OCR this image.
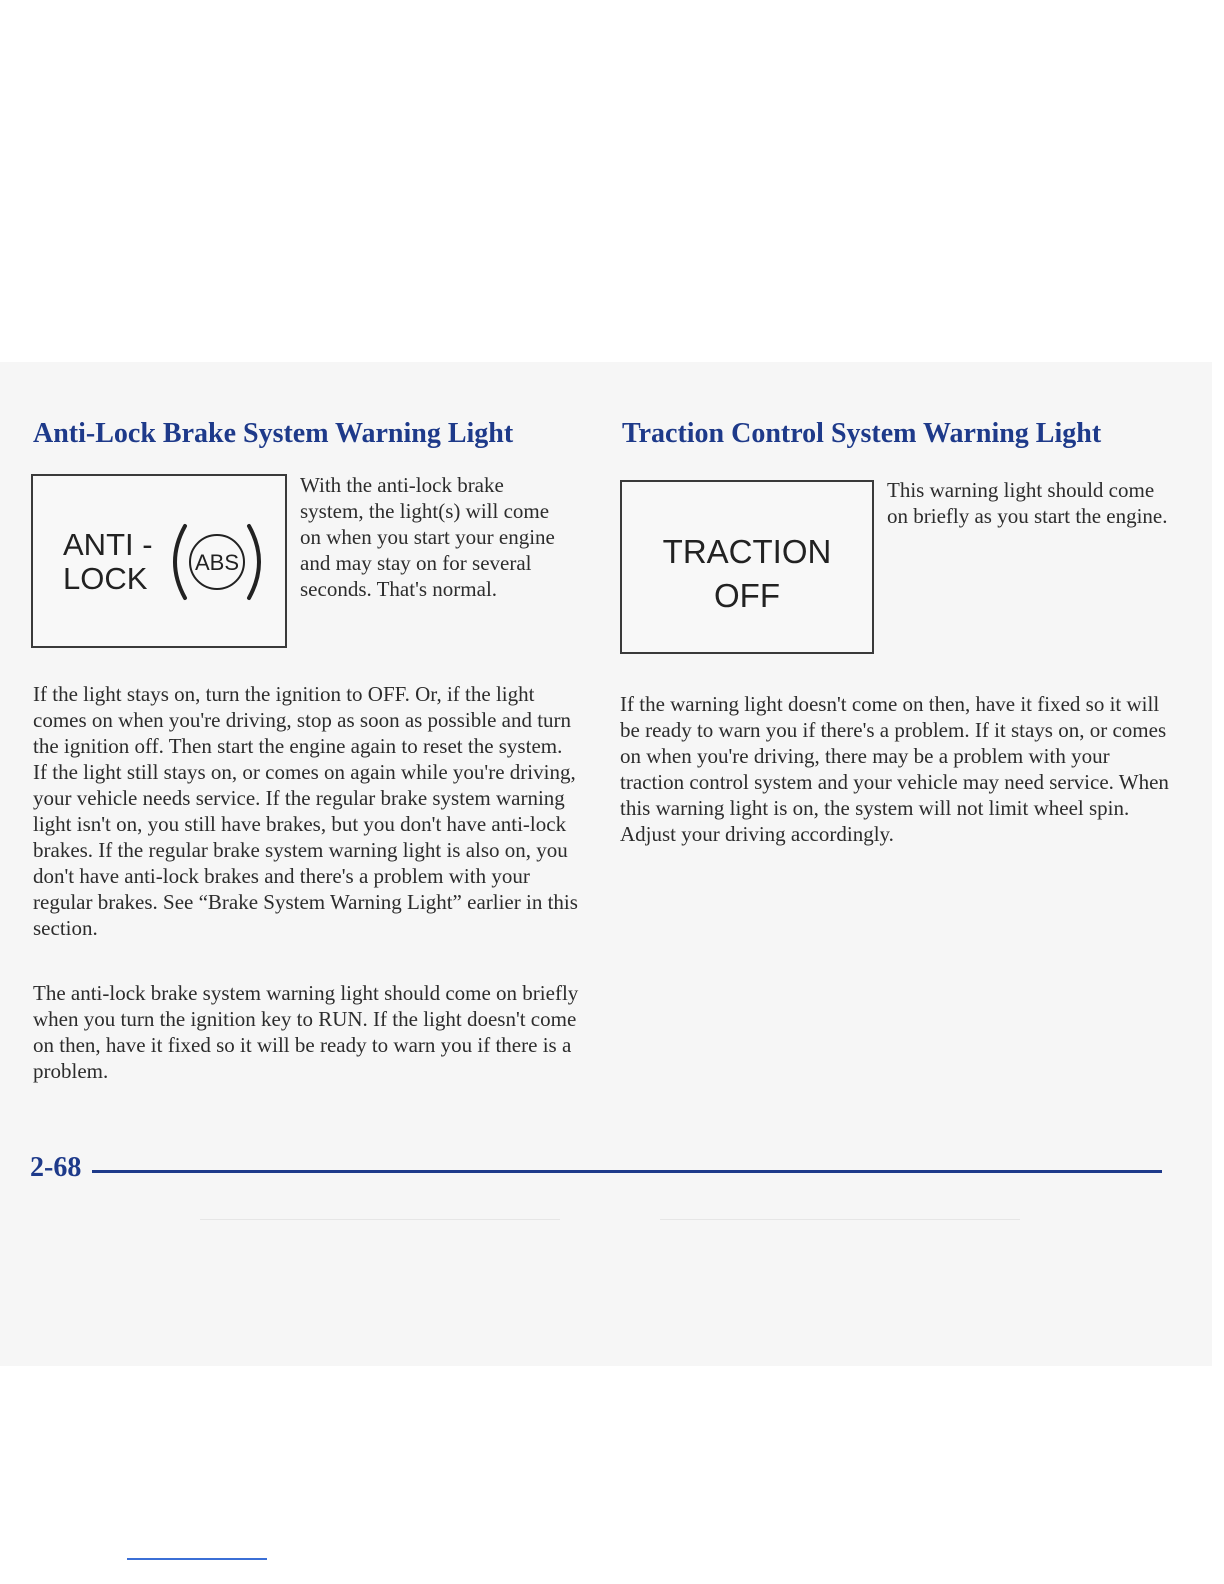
Anti-Lock Brake System Warning Light	Traction Control System Warning Light
ANTI -
LOCK ABS	TRACTION
OFF

With the anti-lock brake system, the light(s) will come on when you start your engine and may stay on for several seconds. That's normal.

This warning light should come on briefly as you start the engine.

If the light stays on, turn the ignition to OFF. Or, if the light comes on when you're driving, stop as soon as possible and turn the ignition off. Then start the engine again to reset the system. If the light still stays on, or comes on again while you're driving, your vehicle needs service. If the regular brake system warning light isn't on, you still have brakes, but you don't have anti-lock brakes. If the regular brake system warning light is also on, you don't have anti-lock brakes and there's a problem with your regular brakes. See “Brake System Warning Light” earlier in this section.

The anti-lock brake system warning light should come on briefly when you turn the ignition key to RUN. If the light doesn't come on then, have it fixed so it will be ready to warn you if there is a problem.

If the warning light doesn't come on then, have it fixed so it will be ready to warn you if there's a problem. If it stays on, or comes on when you're driving, there may be a problem with your traction control system and your vehicle may need service. When this warning light is on, the system will not limit wheel spin. Adjust your driving accordingly.

2-68
